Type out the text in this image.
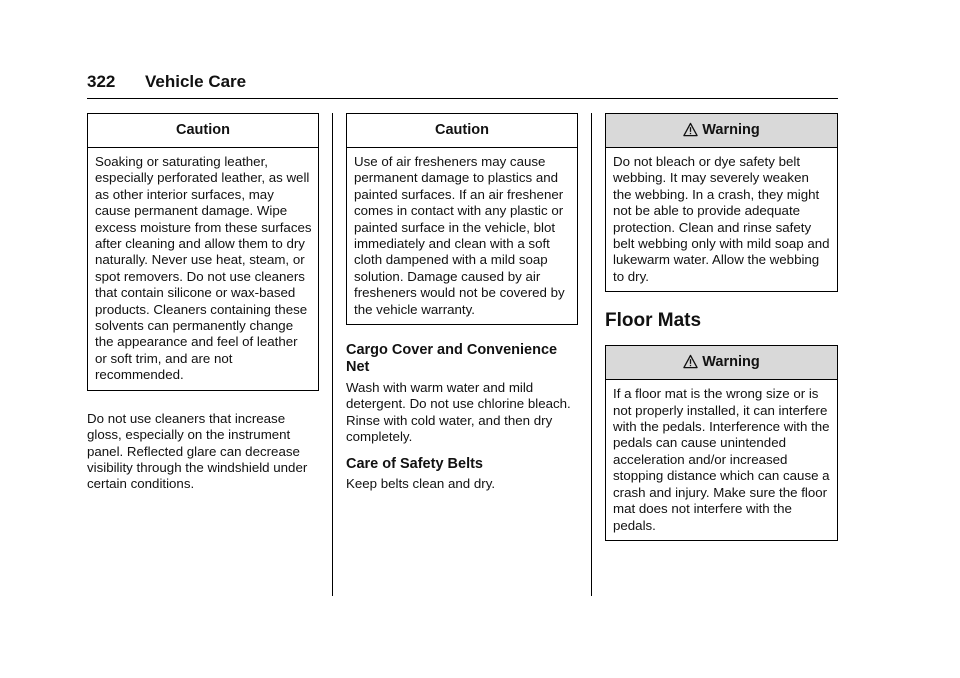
322 Vehicle Care
Caution
Soaking or saturating leather, especially perforated leather, as well as other interior surfaces, may cause permanent damage. Wipe excess moisture from these surfaces after cleaning and allow them to dry naturally. Never use heat, steam, or spot removers. Do not use cleaners that contain silicone or wax-based products. Cleaners containing these solvents can permanently change the appearance and feel of leather or soft trim, and are not recommended.
Do not use cleaners that increase gloss, especially on the instrument panel. Reflected glare can decrease visibility through the windshield under certain conditions.
Caution
Use of air fresheners may cause permanent damage to plastics and painted surfaces. If an air freshener comes in contact with any plastic or painted surface in the vehicle, blot immediately and clean with a soft cloth dampened with a mild soap solution. Damage caused by air fresheners would not be covered by the vehicle warranty.
Cargo Cover and Convenience Net
Wash with warm water and mild detergent. Do not use chlorine bleach. Rinse with cold water, and then dry completely.
Care of Safety Belts
Keep belts clean and dry.
Warning
Do not bleach or dye safety belt webbing. It may severely weaken the webbing. In a crash, they might not be able to provide adequate protection. Clean and rinse safety belt webbing only with mild soap and lukewarm water. Allow the webbing to dry.
Floor Mats
Warning
If a floor mat is the wrong size or is not properly installed, it can interfere with the pedals. Interference with the pedals can cause unintended acceleration and/or increased stopping distance which can cause a crash and injury. Make sure the floor mat does not interfere with the pedals.
